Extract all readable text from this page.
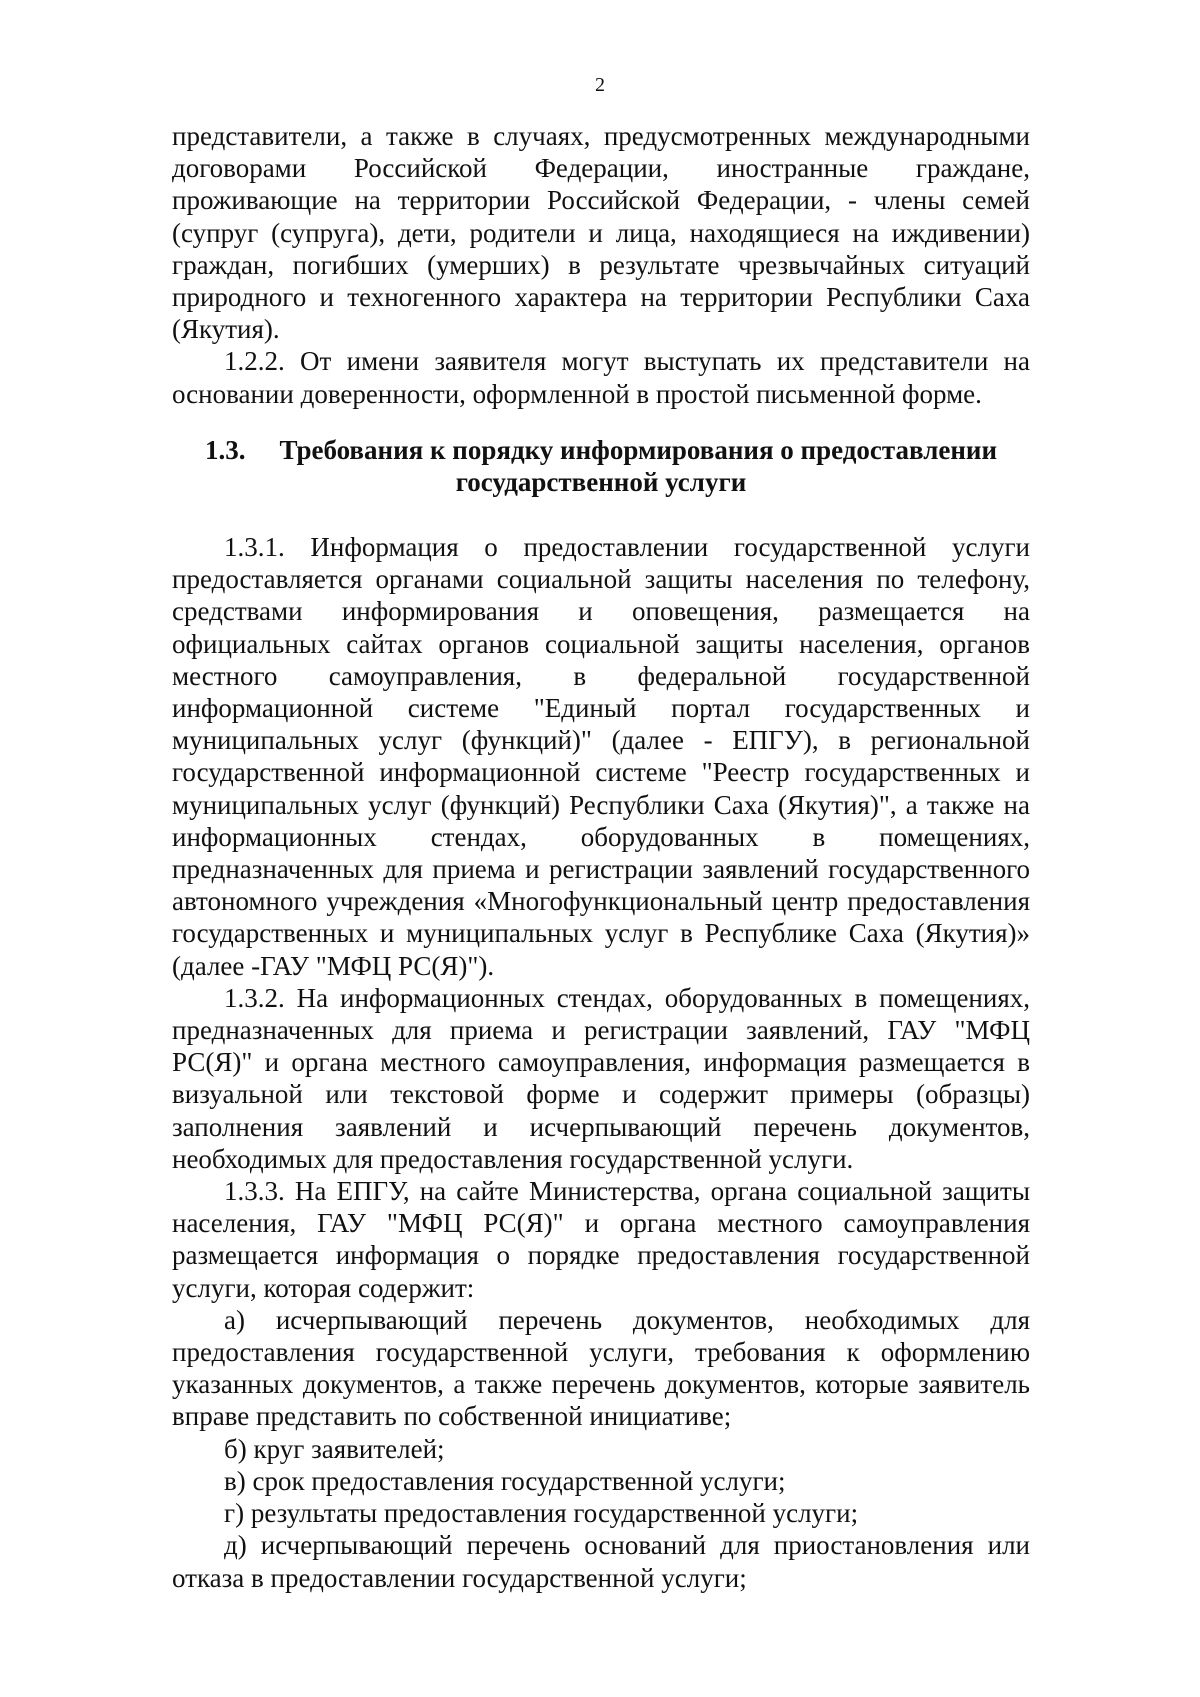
2

представители, а также в случаях, предусмотренных международными договорами Российской Федерации, иностранные граждане, проживающие на территории Российской Федерации, - члены семей (супруг (супруга), дети, родители и лица, находящиеся на иждивении) граждан, погибших (умерших) в результате чрезвычайных ситуаций природного и техногенного характера на территории Республики Саха (Якутия).

1.2.2. От имени заявителя могут выступать их представители на основании доверенности, оформленной в простой письменной форме.

1.3. Требования к порядку информирования о предоставлении государственной услуги

1.3.1. Информация о предоставлении государственной услуги предоставляется органами социальной защиты населения по телефону, средствами информирования и оповещения, размещается на официальных сайтах органов социальной защиты населения, органов местного самоуправления, в федеральной государственной информационной системе "Единый портал государственных и муниципальных услуг (функций)" (далее - ЕПГУ), в региональной государственной информационной системе "Реестр государственных и муниципальных услуг (функций) Республики Саха (Якутия)", а также на информационных стендах, оборудованных в помещениях, предназначенных для приема и регистрации заявлений государственного автономного учреждения «Многофункциональный центр предоставления государственных и муниципальных услуг в Республике Саха (Якутия)» (далее -ГАУ "МФЦ РС(Я)").

1.3.2. На информационных стендах, оборудованных в помещениях, предназначенных для приема и регистрации заявлений, ГАУ "МФЦ РС(Я)" и органа местного самоуправления, информация размещается в визуальной или текстовой форме и содержит примеры (образцы) заполнения заявлений и исчерпывающий перечень документов, необходимых для предоставления государственной услуги.

1.3.3. На ЕПГУ, на сайте Министерства, органа социальной защиты населения, ГАУ "МФЦ РС(Я)" и органа местного самоуправления размещается информация о порядке предоставления государственной услуги, которая содержит:

а) исчерпывающий перечень документов, необходимых для предоставления государственной услуги, требования к оформлению указанных документов, а также перечень документов, которые заявитель вправе представить по собственной инициативе;

б) круг заявителей;

в) срок предоставления государственной услуги;

г) результаты предоставления государственной услуги;

д) исчерпывающий перечень оснований для приостановления или отказа в предоставлении государственной услуги;
